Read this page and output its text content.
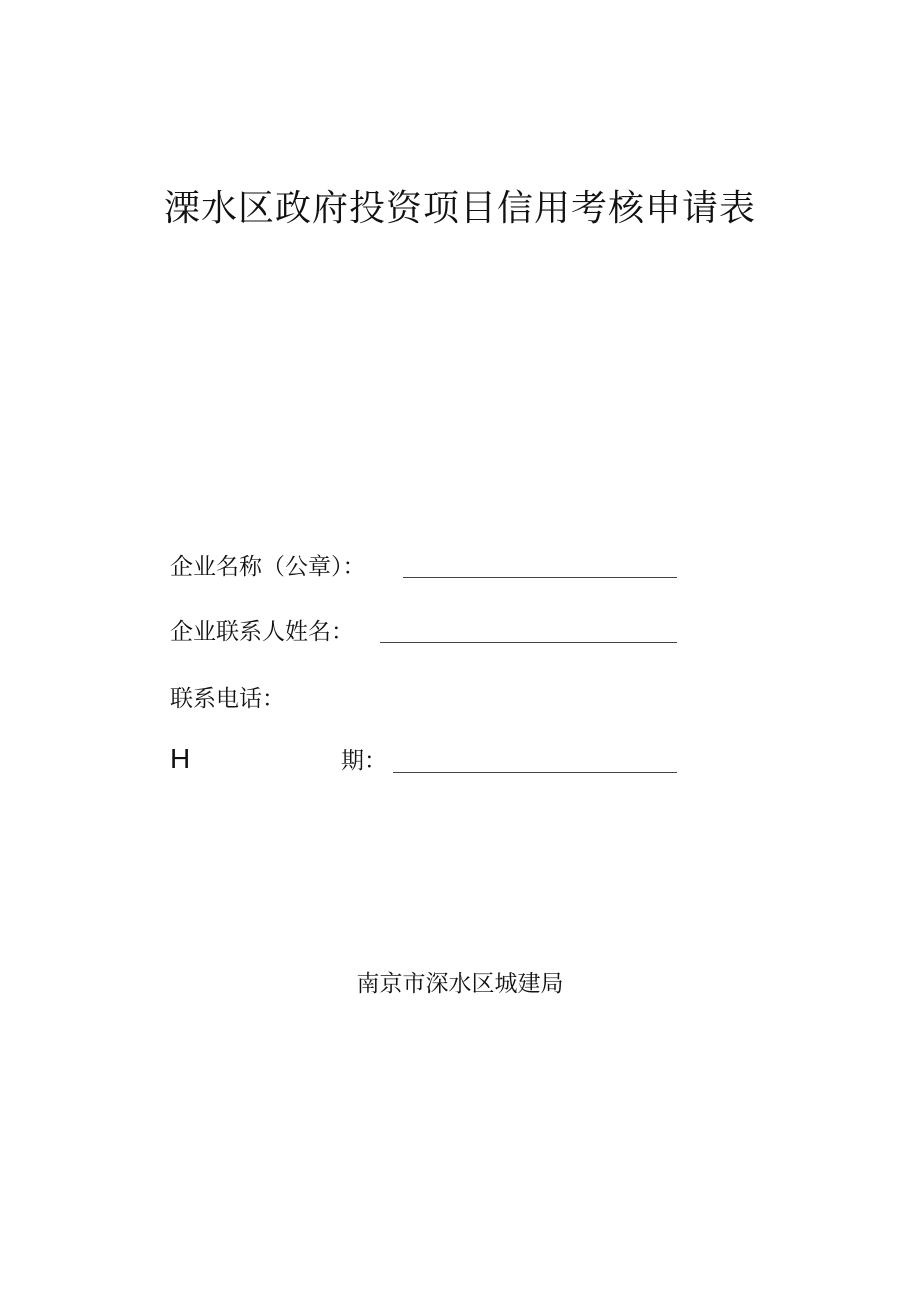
溧水区政府投资项目信用考核申请表
企业名称（公章）：
企业联系人姓名：
联系电话：
H	期：
南京市深水区城建局
